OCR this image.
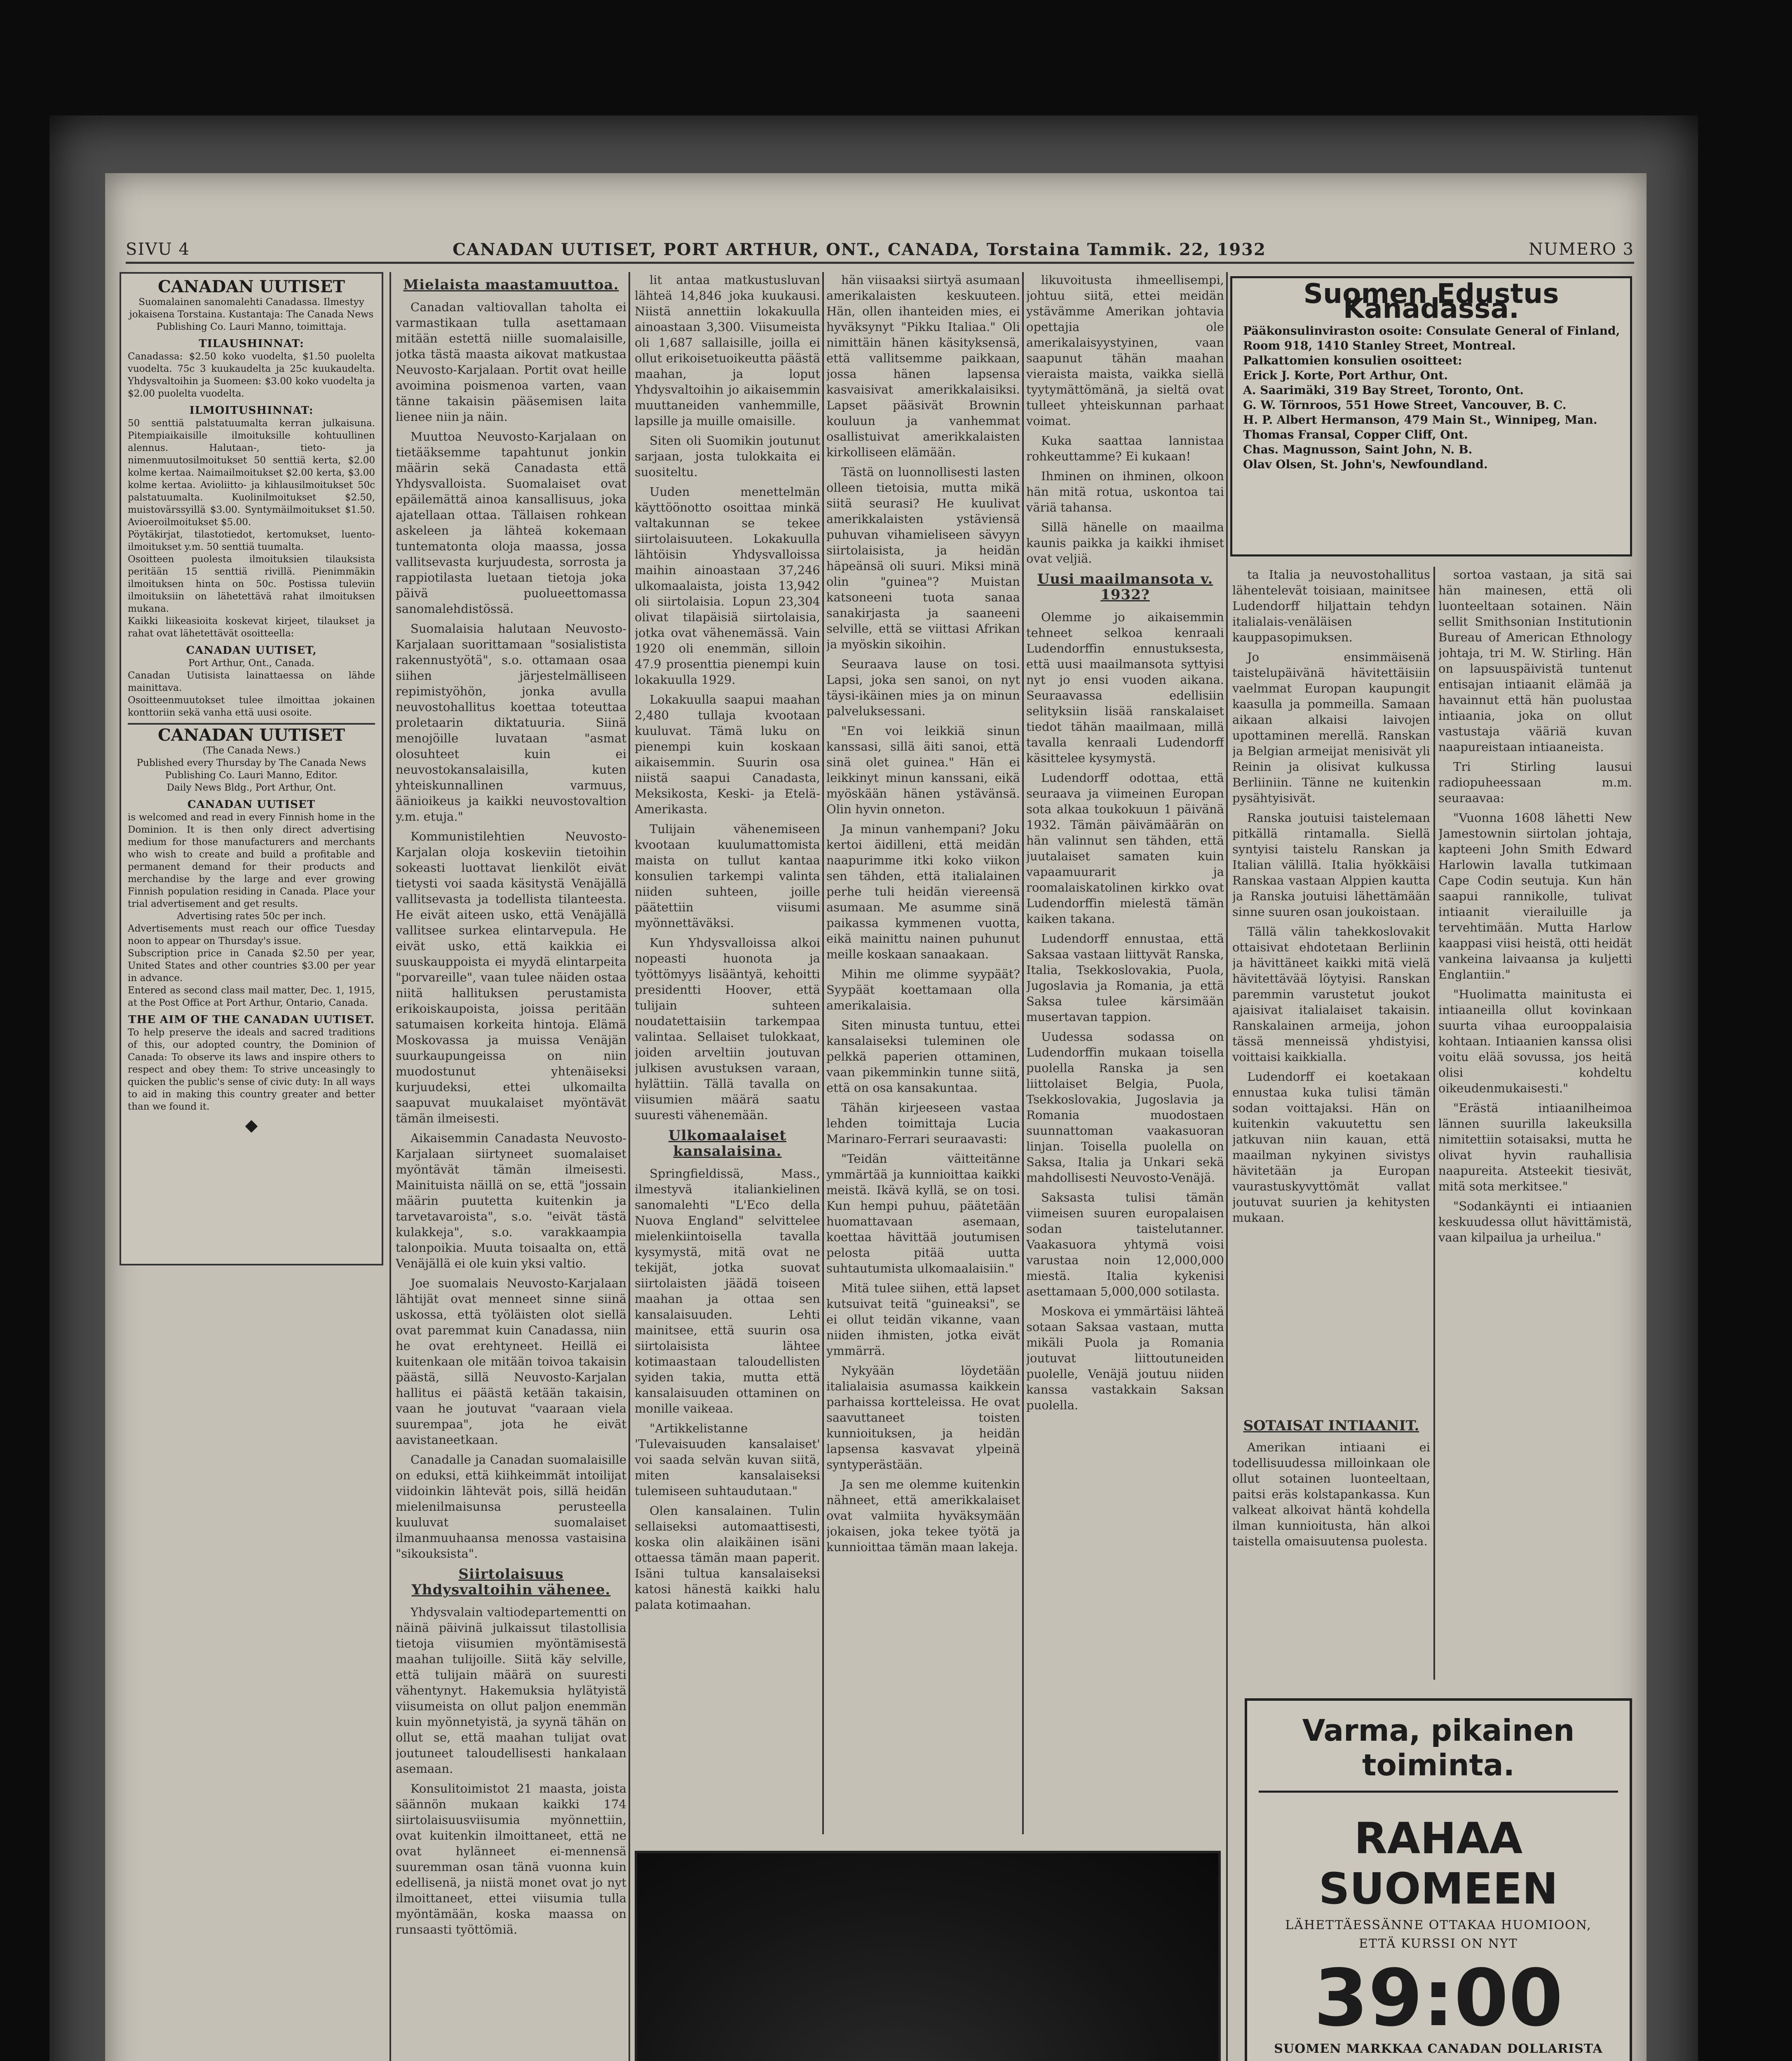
SIVU 4	CANADAN UUTISET, PORT ARTHUR, ONT., CANADA, Torstaina Tammik. 22, 1932	NUMERO 3
CANADAN UUTISET
Suomalainen sanomalehti Canadassa. Ilmestyy jokaisena Torstaina. Kustantaja: The Canada News Publishing Co. Lauri Manno, toimittaja.
TILAUSHINNAT:
Canadassa: $2.50 koko vuodelta, $1.50 puolelta vuodelta. 75c 3 kuukaudelta ja 25c kuukaudelta. Yhdysvaltoihin ja Suomeen: $3.00 koko vuodelta ja $2.00 puolelta vuodelta.
ILMOITUSHINNAT:
50 senttiä palstatuumalta kerran julkaisuna. Pitempiaikaisille ilmoituksille kohtuullinen alennus. Halutaan-, tieto- ja nimenmuutosilmoitukset 50 senttiä kerta, $2.00 kolme kertaa. Naimailmoitukset $2.00 kerta, $3.00 kolme kertaa. Avioliitto- ja kihlausilmoitukset 50c palstatuumalta. Kuolinilmoitukset $2.50, muistovärssyillä $3.00. Syntymäilmoitukset $1.50. Avioeroilmoitukset $5.00.
Pöytäkirjat, tilastotiedot, kertomukset, luento-ilmoitukset y.m. 50 senttiä tuumalta.
Osoitteen puolesta ilmoituksien tilauksista peritään 15 senttiä rivillä. Pienimmäkin ilmoituksen hinta on 50c. Postissa tuleviin ilmoituksiin on lähetettävä rahat ilmoituksen mukana.
Kaikki liikeasioita koskevat kirjeet, tilaukset ja rahat ovat lähetettävät osoitteella:
CANADAN UUTISET,
Port Arthur, Ont., Canada.
Canadan Uutisista lainattaessa on lähde mainittava.
Osoitteenmuutokset tulee ilmoittaa jokainen konttoriin sekä vanha että uusi osoite.
CANADAN UUTISET
(The Canada News.)
Published every Thursday by The Canada News Publishing Co. Lauri Manno, Editor.
Daily News Bldg., Port Arthur, Ont.
CANADAN UUTISET
is welcomed and read in every Finnish home in the Dominion. It is then only direct advertising medium for those manufacturers and merchants who wish to create and build a profitable and permanent demand for their products and merchandise by the large and ever growing Finnish population residing in Canada. Place your trial advertisement and get results.
Advertising rates 50c per inch.
Advertisements must reach our office Tuesday noon to appear on Thursday's issue.
Subscription price in Canada $2.50 per year, United States and other countries $3.00 per year in advance.
Entered as second class mail matter, Dec. 1, 1915, at the Post Office at Port Arthur, Ontario, Canada.
THE AIM OF THE CANADAN UUTISET.
To help preserve the ideals and sacred traditions of this, our adopted country, the Dominion of Canada: To observe its laws and inspire others to respect and obey them: To strive unceasingly to quicken the public's sense of civic duty: In all ways to aid in making this country greater and better than we found it.
◆
Mielaista maastamuuttoa.

Canadan valtiovallan taholta ei varmastikaan tulla asettamaan mitään estettä niille suomalaisille, jotka tästä maasta aikovat matkustaa Neuvosto-Karjalaan. Portit ovat heille avoimina poismenoa varten, vaan tänne takaisin pääsemisen laita lienee niin ja näin.

Muuttoa Neuvosto-Karjalaan on tietääksemme tapahtunut jonkin määrin sekä Canadasta että Yhdysvalloista. Suomalaiset ovat epäilemättä ainoa kansallisuus, joka ajatellaan ottaa. Tällaisen rohkean askeleen ja lähteä kokemaan tuntematonta oloja maassa, jossa vallitsevasta kurjuudesta, sorrosta ja rappiotilasta luetaan tietoja joka päivä puolueettomassa sanomalehdistössä.

Suomalaisia halutaan Neuvosto-Karjalaan suorittamaan "sosialistista rakennustyötä", s.o. ottamaan osaa siihen järjestelmälliseen repimistyöhön, jonka avulla neuvostohallitus koettaa toteuttaa proletaarin diktatuuria. Siinä menojöille luvataan "asmat olosuhteet kuin ei neuvostokansalaisilla, kuten yhteiskunnallinen varmuus, äänioikeus ja kaikki neuvostovaltion y.m. etuja."

Kommunistilehtien Neuvosto-Karjalan oloja koskeviin tietoihin sokeasti luottavat lienkilöt eivät tietysti voi saada käsitystä Venäjällä vallitsevasta ja todellista tilanteesta. He eivät aiteen usko, että Venäjällä vallitsee surkea elintarvepula. He eivät usko, että kaikkia ei suuskauppoista ei myydä elintarpeita "porvareille", vaan tulee näiden ostaa niitä hallituksen perustamista erikoiskaupoista, joissa peritään satumaisen korkeita hintoja. Elämä Moskovassa ja muissa Venäjän suurkaupungeissa on niin muodostunut yhtenäiseksi kurjuudeksi, ettei ulkomailta saapuvat muukalaiset myöntävät tämän ilmeisesti.

Aikaisemmin Canadasta Neuvosto-Karjalaan siirtyneet suomalaiset myöntävät tämän ilmeisesti. Mainituista näillä on se, että "jossain määrin puutetta kuitenkin ja tarvetavaroista", s.o. "eivät tästä kulakkeja", s.o. varakkaampia talonpoikia. Muuta toisaalta on, että Venäjällä ei ole kuin yksi valtio.

Joe suomalais Neuvosto-Karjalaan lähtijät ovat menneet sinne siinä uskossa, että työläisten olot siellä ovat paremmat kuin Canadassa, niin he ovat erehtyneet. Heillä ei kuitenkaan ole mitään toivoa takaisin päästä, sillä Neuvosto-Karjalan hallitus ei päästä ketään takaisin, vaan he joutuvat "vaaraan viela suurempaa", jota he eivät aavistaneetkaan.

Canadalle ja Canadan suomalaisille on eduksi, että kiihkeimmät intoilijat viidoinkin lähtevät pois, sillä heidän mielenilmaisunsa perusteella kuuluvat suomalaiset ilmanmuuhaansa menossa vastaisina "sikouksista".

Siirtolaisuus Yhdysvaltoihin vähenee.

Yhdysvalain valtiodepartementti on näinä päivinä julkaissut tilastollisia tietoja viisumien myöntämisestä maahan tulijoille. Siitä käy selville, että tulijain määrä on suuresti vähentynyt. Hakemuksia hylätyistä viisumeista on ollut paljon enemmän kuin myönnetyistä, ja syynä tähän on ollut se, että maahan tulijat ovat joutuneet taloudellisesti hankalaan asemaan.

Konsulitoimistot 21 maasta, joista säännön mukaan kaikki 174 siirtolaisuusviisumia myönnettiin, ovat kuitenkin ilmoittaneet, että ne ovat hylänneet ei-mennensä suuremman osan tänä vuonna kuin edellisenä, ja niistä monet ovat jo nyt ilmoittaneet, ettei viisumia tulla myöntämään, koska maassa on runsaasti työttömiä.

lit antaa matkustusluvan lähteä 14,846 joka kuukausi. Niistä annettiin lokakuulla ainoastaan 3,300. Viisumeista oli 1,687 sallaisille, joilla ei ollut erikoisetuoikeutta päästä maahan, ja loput Yhdysvaltoihin jo aikaisemmin muuttaneiden vanhemmille, lapsille ja muille omaisille.

Siten oli Suomikin joutunut sarjaan, josta tulokkaita ei suositeltu.

Uuden menettelmän käyttöönotto osoittaa minkä valtakunnan se tekee siirtolaisuuteen. Lokakuulla lähtöisin Yhdysvalloissa maihin ainoastaan 37,246 ulkomaalaista, joista 13,942 oli siirtolaisia. Lopun 23,304 olivat tilapäisiä siirtolaisia, jotka ovat vähenemässä. Vain 1920 oli enemmän, silloin 47.9 prosenttia pienempi kuin lokakuulla 1929.

Lokakuulla saapui maahan 2,480 tullaja kvootaan kuuluvat. Tämä luku on pienempi kuin koskaan aikaisemmin. Suurin osa niistä saapui Canadasta, Meksikosta, Keski- ja Etelä-Amerikasta.

Tulijain vähenemiseen kvootaan kuulumattomista maista on tullut kantaa konsulien tarkempi valinta niiden suhteen, joille päätettiin viisumi myönnettäväksi.

Kun Yhdysvalloissa alkoi nopeasti huonota ja työttömyys lisääntyä, kehoitti presidentti Hoover, että tulijain suhteen noudatettaisiin tarkempaa valintaa. Sellaiset tulokkaat, joiden arveltiin joutuvan julkisen avustuksen varaan, hylättiin. Tällä tavalla on viisumien määrä saatu suuresti vähenemään.

Ulkomaalaiset kansalaisina.

Springfieldissä, Mass., ilmestyvä italiankielinen sanomalehti "L'Eco della Nuova England" selvittelee mielenkiintoisella tavalla kysymystä, mitä ovat ne tekijät, jotka suovat siirtolaisten jäädä toiseen maahan ja ottaa sen kansalaisuuden. Lehti mainitsee, että suurin osa siirtolaisista lähtee kotimaastaan taloudellisten syiden takia, mutta että kansalaisuuden ottaminen on monille vaikeaa.

"Artikkelistanne 'Tulevaisuuden kansalaiset' voi saada selvän kuvan siitä, miten kansalaiseksi tulemiseen suhtaudutaan."

Olen kansalainen. Tulin sellaiseksi automaattisesti, koska olin alaikäinen isäni ottaessa tämän maan paperit. Isäni tultua kansalaiseksi katosi hänestä kaikki halu palata kotimaahan.

hän viisaaksi siirtyä asumaan amerikalaisten keskuuteen. Hän, ollen ihanteiden mies, ei hyväksynyt "Pikku Italiaa." Oli nimittäin hänen käsityksensä, että vallitsemme paikkaan, jossa hänen lapsensa kasvaisivat amerikkalaisiksi. Lapset pääsivät Brownin kouluun ja vanhemmat osallistuivat amerikkalaisten kirkolliseen elämään.

Tästä on luonnollisesti lasten olleen tietoisia, mutta mikä siitä seurasi? He kuulivat amerikkalaisten ystäviensä puhuvan vihamieliseen sävyyn siirtolaisista, ja heidän häpeänsä oli suuri. Miksi minä olin "guinea"? Muistan katsoneeni tuota sanaa sanakirjasta ja saaneeni selville, että se viittasi Afrikan ja myöskin sikoihin.

Seuraava lause on tosi. Lapsi, joka sen sanoi, on nyt täysi-ikäinen mies ja on minun palveluksessani.

"En voi leikkiä sinun kanssasi, sillä äiti sanoi, että sinä olet guinea." Hän ei leikkinyt minun kanssani, eikä myöskään hänen ystävänsä. Olin hyvin onneton.

Ja minun vanhempani? Joku kertoi äidilleni, että meidän naapurimme itki koko viikon sen tähden, että italialainen perhe tuli heidän viereensä asumaan. Me asumme sinä paikassa kymmenen vuotta, eikä mainittu nainen puhunut meille koskaan sanaakaan.

Mihin me olimme syypäät? Syypäät koettamaan olla amerikalaisia.

Siten minusta tuntuu, ettei kansalaiseksi tuleminen ole pelkkä paperien ottaminen, vaan pikemminkin tunne siitä, että on osa kansakuntaa.

Tähän kirjeeseen vastaa lehden toimittaja Lucia Marinaro-Ferrari seuraavasti:

"Teidän väitteitänne ymmärtää ja kunnioittaa kaikki meistä. Ikävä kyllä, se on tosi. Kun hempi puhuu, päätetään huomattavaan asemaan, koettaa hävittää joutumisen pelosta pitää uutta suhtautumista ulkomaalaisiin."

Mitä tulee siihen, että lapset kutsuivat teitä "guineaksi", se ei ollut teidän vikanne, vaan niiden ihmisten, jotka eivät ymmärrä.

Nykyään löydetään italialaisia asumassa kaikkein parhaissa kortteleissa. He ovat saavuttaneet toisten kunnioituksen, ja heidän lapsensa kasvavat ylpeinä syntyperästään.

Ja sen me olemme kuitenkin nähneet, että amerikkalaiset ovat valmiita hyväksymään jokaisen, joka tekee työtä ja kunnioittaa tämän maan lakeja.

likuvoitusta ihmeellisempi, johtuu siitä, ettei meidän ystävämme Amerikan johtavia opettajia ole amerikalaisyystyinen, vaan saapunut tähän maahan vieraista maista, vaikka siellä tyytymättömänä, ja sieltä ovat tulleet yhteiskunnan parhaat voimat.

Kuka saattaa lannistaa rohkeuttamme? Ei kukaan!

Ihminen on ihminen, olkoon hän mitä rotua, uskontoa tai väriä tahansa.

Sillä hänelle on maailma kaunis paikka ja kaikki ihmiset ovat veljiä.

Uusi maailmansota v. 1932?

Olemme jo aikaisemmin tehneet selkoa kenraali Ludendorffin ennustuksesta, että uusi maailmansota syttyisi nyt jo ensi vuoden aikana. Seuraavassa edellisiin selityksiin lisää ranskalaiset tiedot tähän maailmaan, millä tavalla kenraali Ludendorff käsittelee kysymystä.

Ludendorff odottaa, että seuraava ja viimeinen Europan sota alkaa toukokuun 1 päivänä 1932. Tämän päivämäärän on hän valinnut sen tähden, että juutalaiset samaten kuin vapaamuurarit ja roomalaiskatolinen kirkko ovat Ludendorffin mielestä tämän kaiken takana.

Ludendorff ennustaa, että Saksaa vastaan liittyvät Ranska, Italia, Tsekkoslovakia, Puola, Jugoslavia ja Romania, ja että Saksa tulee kärsimään musertavan tappion.

Uudessa sodassa on Ludendorffin mukaan toisella puolella Ranska ja sen liittolaiset Belgia, Puola, Tsekkoslovakia, Jugoslavia ja Romania muodostaen suunnattoman vaakasuoran linjan. Toisella puolella on Saksa, Italia ja Unkari sekä mahdollisesti Neuvosto-Venäjä.

Saksasta tulisi tämän viimeisen suuren europalaisen sodan taistelutanner. Vaakasuora yhtymä voisi varustaa noin 12,000,000 miestä. Italia kykenisi asettamaan 5,000,000 sotilasta.

Moskova ei ymmärtäisi lähteä sotaan Saksaa vastaan, mutta mikäli Puola ja Romania joutuvat liittoutuneiden puolelle, Venäjä joutuu niiden kanssa vastakkain Saksan puolella.

Suomen Edustus Kanadassa.
Pääkonsulinviraston osoite: Consulate General of Finland,
Room 918, 1410 Stanley Street, Montreal.
Palkattomien konsulien osoitteet:
Erick J. Korte, Port Arthur, Ont.
A. Saarimäki, 319 Bay Street, Toronto, Ont.
G. W. Törnroos, 551 Howe Street, Vancouver, B. C.
H. P. Albert Hermanson, 479 Main St., Winnipeg, Man.
Thomas Fransal, Copper Cliff, Ont.
Chas. Magnusson, Saint John, N. B.
Olav Olsen, St. John's, Newfoundland.

ta Italia ja neuvostohallitus lähentelevät toisiaan, mainitsee Ludendorff hiljattain tehdyn italialais-venäläisen kauppasopimuksen.

Jo ensimmäisenä taistelupäivänä hävitettäisiin vaelmmat Europan kaupungit kaasulla ja pommeilla. Samaan aikaan alkaisi laivojen upottaminen merellä. Ranskan ja Belgian armeijat menisivät yli Reinin ja olisivat kulkussa Berliiniin. Tänne ne kuitenkin pysähtyisivät.

Ranska joutuisi taistelemaan pitkällä rintamalla. Siellä syntyisi taistelu Ranskan ja Italian välillä. Italia hyökkäisi Ranskaa vastaan Alppien kautta ja Ranska joutuisi lähettämään sinne suuren osan joukoistaan.

Tällä välin tahekkoslovakit ottaisivat ehdotetaan Berliinin ja hävittäneet kaikki mitä vielä hävitettävää löytyisi. Ranskan paremmin varustetut joukot ajaisivat italialaiset takaisin. Ranskalainen armeija, johon tässä menneissä yhdistyisi, voittaisi kaikkialla.

Ludendorff ei koetakaan ennustaa kuka tulisi tämän sodan voittajaksi. Hän on kuitenkin vakuutettu sen jatkuvan niin kauan, että maailman nykyinen sivistys hävitetään ja Europan vaurastuskyvyttömät vallat joutuvat suurien ja kehitysten mukaan.

sortoa vastaan, ja sitä sai hän mainesen, että oli luonteeltaan sotainen. Näin sellit Smithsonian Institutionin Bureau of American Ethnology johtaja, tri M. W. Stirling. Hän on lapsuuspäivistä tuntenut entisajan intiaanit elämää ja havainnut että hän puolustaa intiaania, joka on ollut vastustaja vääriä kuvan naapureistaan intiaaneista.

Tri Stirling lausui radiopuheessaan m.m. seuraavaa:

"Vuonna 1608 lähetti New Jamestownin siirtolan johtaja, kapteeni John Smith Edward Harlowin lavalla tutkimaan Cape Codin seutuja. Kun hän saapui rannikolle, tulivat intiaanit vierailuille ja tervehtimään. Mutta Harlow kaappasi viisi heistä, otti heidät vankeina laivaansa ja kuljetti Englantiin."

"Huolimatta mainitusta ei intiaaneilla ollut kovinkaan suurta vihaa eurooppalaisia kohtaan. Intiaanien kanssa olisi voitu elää sovussa, jos heitä olisi kohdeltu oikeudenmukaisesti."

"Erästä intiaanilheimoa lännen suurilla lakeuksilla nimitettiin sotaisaksi, mutta he olivat hyvin rauhallisia naapureita. Atsteekit tiesivät, mitä sota merkitsee."

"Sodankäynti ei intiaanien keskuudessa ollut hävittämistä, vaan kilpailua ja urheilua."

SOTAISAT INTIAANIT.

Amerikan intiaani ei todellisuudessa milloinkaan ole ollut sotainen luonteeltaan, paitsi eräs kolstapankassa. Kun valkeat alkoivat häntä kohdella ilman kunnioitusta, hän alkoi taistella omaisuutensa puolesta.

Varma, pikainen toiminta.
RAHAA SUOMEEN
LÄHETTÄESSÄNNE OTTAKAA HUOMIOON,
ETTÄ KURSSI ON NYT
39:00
SUOMEN MARKKAA CANADAN DOLLARISTA
